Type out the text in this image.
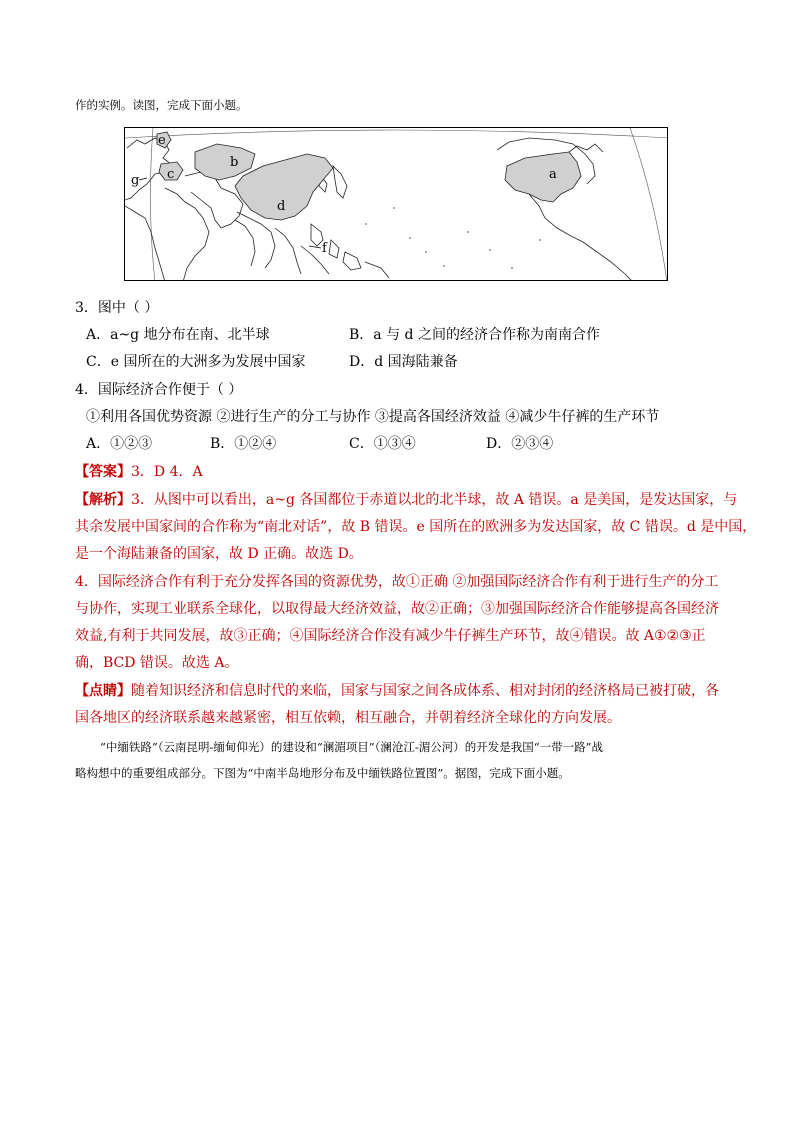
作的实例。读图，完成下面小题。
a
b
c
d
e
f
g
3．图中（ ）
A．a~g 地分布在南、北半球	B．a 与 d 之间的经济合作称为南南合作
C．e 国所在的大洲多为发展中国家	D．d 国海陆兼备
4．国际经济合作便于（ ）
①利用各国优势资源 ②进行生产的分工与协作 ③提高各国经济效益 ④减少牛仔裤的生产环节
A．①②③	B．①②④	C．①③④	D．②③④
【答案】3．D 4．A
【解析】3．从图中可以看出，a~g 各国都位于赤道以北的北半球，故 A 错误。a 是美国，是发达国家，与
其余发展中国家间的合作称为“南北对话”，故 B 错误。e 国所在的欧洲多为发达国家，故 C 错误。d 是中国，
是一个海陆兼备的国家，故 D 正确。故选 D。
4．国际经济合作有利于充分发挥各国的资源优势，故①正确 ②加强国际经济合作有利于进行生产的分工
与协作，实现工业联系全球化，以取得最大经济效益，故②正确；③加强国际经济合作能够提高各国经济
效益,有利于共同发展，故③正确；④国际经济合作没有减少牛仔裤生产环节，故④错误。故 A①②③正
确，BCD 错误。故选 A。
【点睛】随着知识经济和信息时代的来临，国家与国家之间各成体系、相对封闭的经济格局已被打破，各
国各地区的经济联系越来越紧密，相互依赖，相互融合，并朝着经济全球化的方向发展。
“中缅铁路”（云南昆明-缅甸仰光）的建设和“澜湄项目”（澜沧江-湄公河）的开发是我国“一带一路”战
略构想中的重要组成部分。下图为“中南半岛地形分布及中缅铁路位置图”。据图，完成下面小题。
